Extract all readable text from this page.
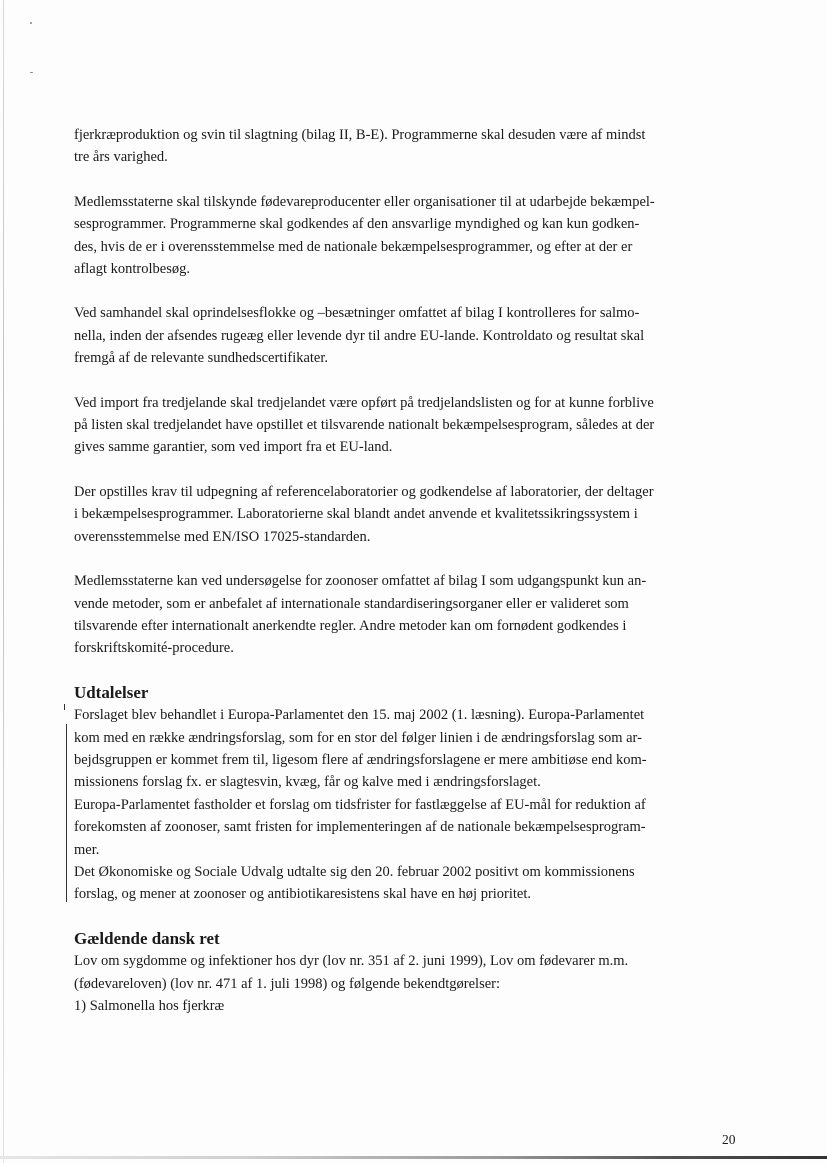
fjerkræproduktion og svin til slagtning (bilag II, B-E). Programmerne skal desuden være af mindst
tre års varighed.

Medlemsstaterne skal tilskynde fødevareproducenter eller organisationer til at udarbejde bekæmpel-
sesprogrammer. Programmerne skal godkendes af den ansvarlige myndighed og kan kun godken-
des, hvis de er i overensstemmelse med de nationale bekæmpelsesprogrammer, og efter at der er
aflagt kontrolbesøg.

Ved samhandel skal oprindelsesflokke og –besætninger omfattet af bilag I kontrolleres for salmo-
nella, inden der afsendes rugeæg eller levende dyr til andre EU-lande. Kontroldato og resultat skal
fremgå af de relevante sundhedscertifikater.

Ved import fra tredjelande skal tredjelandet være opført på tredjelandslisten og for at kunne forblive
på listen skal tredjelandet have opstillet et tilsvarende nationalt bekæmpelsesprogram, således at der
gives samme garantier, som ved import fra et EU-land.

Der opstilles krav til udpegning af referencelaboratorier og godkendelse af laboratorier, der deltager
i bekæmpelsesprogrammer. Laboratorierne skal blandt andet anvende et kvalitetssikringssystem i
overensstemmelse med EN/ISO 17025-standarden.

Medlemsstaterne kan ved undersøgelse for zoonoser omfattet af bilag I som udgangspunkt kun an-
vende metoder, som er anbefalet af internationale standardiseringsorganer eller er valideret som
tilsvarende efter internationalt anerkendte regler. Andre metoder kan om fornødent godkendes i
forskriftskomité-procedure.

Udtalelser
Forslaget blev behandlet i Europa-Parlamentet den 15. maj 2002 (1. læsning). Europa-Parlamentet
kom med en række ændringsforslag, som for en stor del følger linien i de ændringsforslag som ar-
bejdsgruppen er kommet frem til, ligesom flere af ændringsforslagene er mere ambitiøse end kom-
missionens forslag fx. er slagtesvin, kvæg, får og kalve med i ændringsforslaget.
Europa-Parlamentet fastholder et forslag om tidsfrister for fastlæggelse af EU-mål for reduktion af
forekomsten af zoonoser, samt fristen for implementeringen af de nationale bekæmpelsesprogram-
mer.
Det Økonomiske og Sociale Udvalg udtalte sig den 20. februar 2002 positivt om kommissionens
forslag, og mener at zoonoser og antibiotikaresistens skal have en høj prioritet.
Gældende dansk ret
Lov om sygdomme og infektioner hos dyr (lov nr. 351 af 2. juni 1999), Lov om fødevarer m.m.
(fødevareloven) (lov nr. 471 af 1. juli 1998) og følgende bekendtgørelser:
1) Salmonella hos fjerkræ
20
